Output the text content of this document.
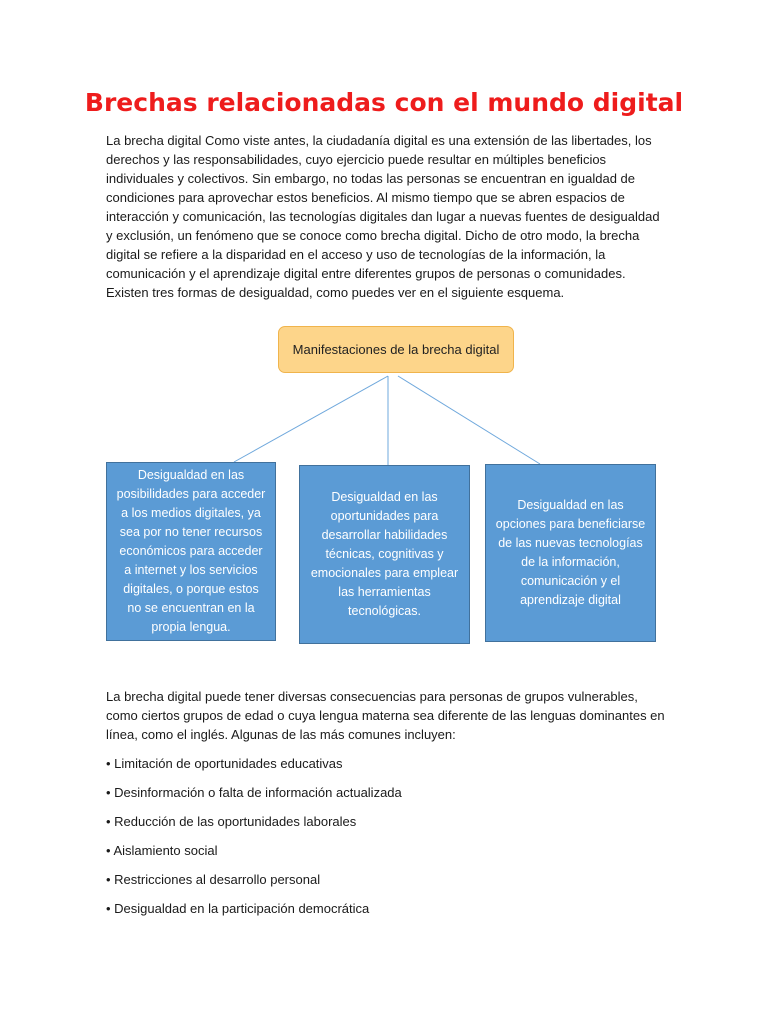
Brechas relacionadas con el mundo digital

La brecha digital Como viste antes, la ciudadanía digital es una extensión de las libertades, los derechos y las responsabilidades, cuyo ejercicio puede resultar en múltiples beneficios individuales y colectivos. Sin embargo, no todas las personas se encuentran en igualdad de condiciones para aprovechar estos beneficios. Al mismo tiempo que se abren espacios de interacción y comunicación, las tecnologías digitales dan lugar a nuevas fuentes de desigualdad y exclusión, un fenómeno que se conoce como brecha digital. Dicho de otro modo, la brecha digital se refiere a la disparidad en el acceso y uso de tecnologías de la información, la comunicación y el aprendizaje digital entre diferentes grupos de personas o comunidades. Existen tres formas de desigualdad, como puedes ver en el siguiente esquema.

Manifestaciones de la brecha digital
Desigualdad en las posibilidades para acceder a los medios digitales, ya sea por no tener recursos económicos para acceder a internet y los servicios digitales, o porque estos no se encuentran en la propia lengua.
Desigualdad en las oportunidades para desarrollar habilidades técnicas, cognitivas y emocionales para emplear las herramientas tecnológicas.
Desigualdad en las opciones para beneficiarse de las nuevas tecnologías de la información, comunicación y el aprendizaje digital

La brecha digital puede tener diversas consecuencias para personas de grupos vulnerables, como ciertos grupos de edad o cuya lengua materna sea diferente de las lenguas dominantes en línea, como el inglés. Algunas de las más comunes incluyen:

• Limitación de oportunidades educativas
• Desinformación o falta de información actualizada
• Reducción de las oportunidades laborales
• Aislamiento social
• Restricciones al desarrollo personal
• Desigualdad en la participación democrática
